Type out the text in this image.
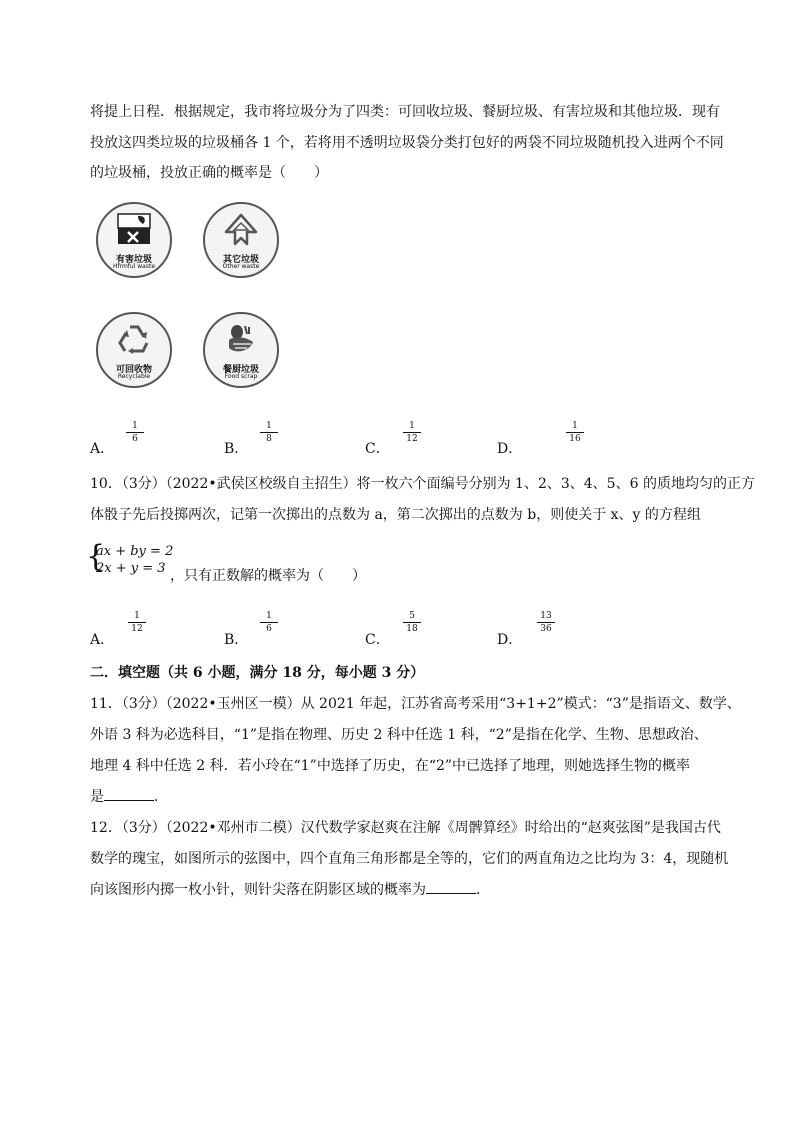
将提上日程．根据规定，我市将垃圾分为了四类：可回收垃圾、餐厨垃圾、有害垃圾和其他垃圾．现有
投放这四类垃圾的垃圾桶各 1 个，若将用不透明垃圾袋分类打包好的两袋不同垃圾随机投入进两个不同
的垃圾桶，投放正确的概率是（　　）
有害垃圾
Hfrmful waste
其它垃圾
Other waste
可回收物
Recyclable
餐厨垃圾
Food scrap
A．
1
6
B．
1
8
C．
1
12
D．
1
16
10．（3分）（2022•武侯区校级自主招生）将一枚六个面编号分别为 1、2、3、4、5、6 的质地均匀的正方
体骰子先后投掷两次，记第一次掷出的点数为 a，第二次掷出的点数为 b，则使关于 x、y 的方程组
{
ax + by = 2
2x + y = 3 ，只有正数解的概率为（　　）
A．
1
12
B．
1
6
C．
5
18
D．
13
36
二．填空题（共 6 小题，满分 18 分，每小题 3 分）
11．（3分）（2022•玉州区一模）从 2021 年起，江苏省高考采用“3+1+2”模式：“3”是指语文、数学、
外语 3 科为必选科目，“1”是指在物理、历史 2 科中任选 1 科，“2”是指在化学、生物、思想政治、
地理 4 科中任选 2 科．若小玲在“1”中选择了历史，在“2”中已选择了地理，则她选择生物的概率
是	．
12．（3分）（2022•邓州市二模）汉代数学家赵爽在注解《周髀算经》时给出的“赵爽弦图”是我国古代
数学的瑰宝，如图所示的弦图中，四个直角三角形都是全等的，它们的两直角边之比均为 3：4，现随机
向该图形内掷一枚小针，则针尖落在阴影区域的概率为	．
